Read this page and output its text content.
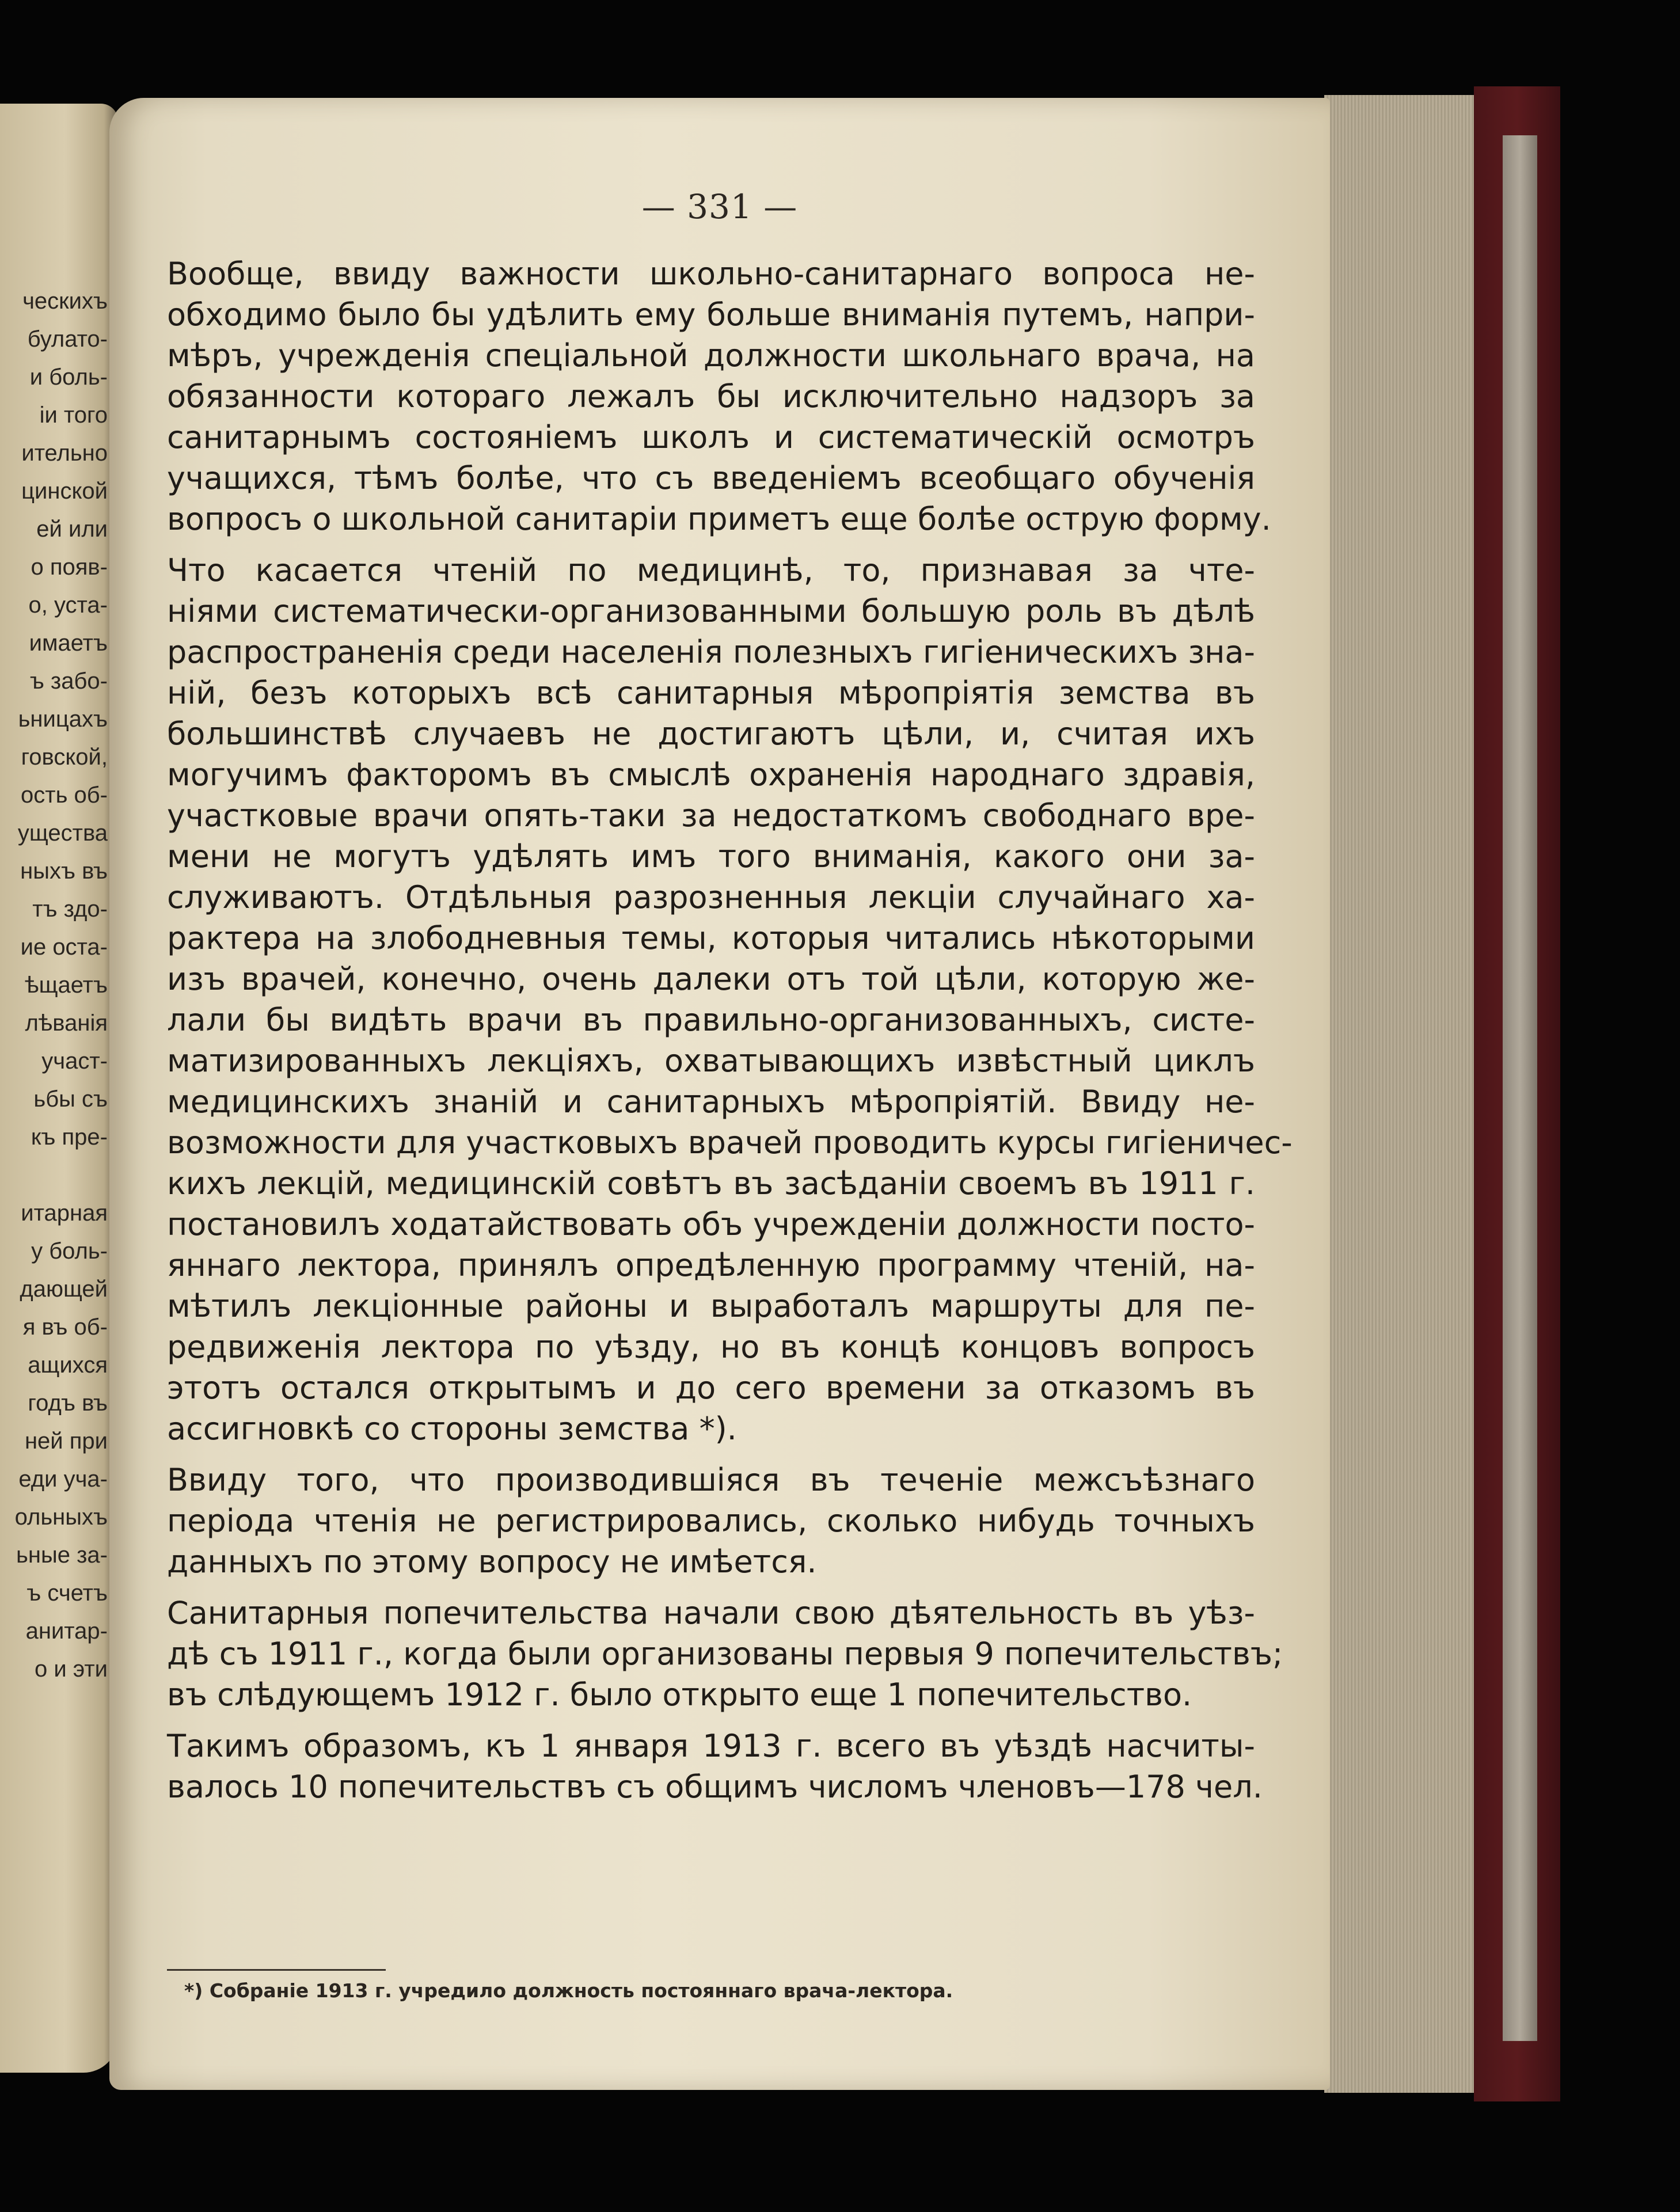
ческихъ
булато-
и боль-
іи того
ительно
цинской
ей или
о появ-
о, уста-
имаетъ
ъ забо-
ьницахъ
говской,
ость об-
ущества
ныхъ въ
тъ здо-
ие оста-
ѣщаетъ
лѣванія
участ-
ьбы съ
къ пре-
итарная
у боль-
дающей
я въ об-
ащихся
годъ въ
ней при
еди уча-
ольныхъ
ьные за-
ъ счетъ
анитар-
о и эти
— 331 —
Вообще, ввиду важности школьно-санитарнаго вопроса не-
обходимо было бы удѣлить ему больше вниманія путемъ, напри-
мѣръ, учрежденія спеціальной должности школьнаго врача, на
обязанности котораго лежалъ бы исключительно надзоръ за
санитарнымъ состояніемъ школъ и систематическій осмотръ
учащихся, тѣмъ болѣе, что съ введеніемъ всеобщаго обученія
вопросъ о школьной санитаріи приметъ еще болѣе острую форму.
Что касается чтеній по медицинѣ, то, признавая за чте-
ніями систематически-организованными большую роль въ дѣлѣ
распространенія среди населенія полезныхъ гигіеническихъ зна-
ній, безъ которыхъ всѣ санитарныя мѣропріятія земства въ
большинствѣ случаевъ не достигаютъ цѣли, и, считая ихъ
могучимъ факторомъ въ смыслѣ охраненія народнаго здравія,
участковые врачи опять-таки за недостаткомъ свободнаго вре-
мени не могутъ удѣлять имъ того вниманія, какого они за-
служиваютъ. Отдѣльныя разрозненныя лекціи случайнаго ха-
рактера на злободневныя темы, которыя читались нѣкоторыми
изъ врачей, конечно, очень далеки отъ той цѣли, которую же-
лали бы видѣть врачи въ правильно-организованныхъ, систе-
матизированныхъ лекціяхъ, охватывающихъ извѣстный циклъ
медицинскихъ знаній и санитарныхъ мѣропріятій. Ввиду не-
возможности для участковыхъ врачей проводить курсы гигіеничес-
кихъ лекцій, медицинскій совѣтъ въ засѣданіи своемъ въ 1911 г.
постановилъ ходатайствовать объ учрежденіи должности посто-
яннаго лектора, принялъ опредѣленную программу чтеній, на-
мѣтилъ лекціонные районы и выработалъ маршруты для пе-
редвиженія лектора по уѣзду, но въ концѣ концовъ вопросъ
этотъ остался открытымъ и до сего времени за отказомъ въ
ассигновкѣ со стороны земства *).
Ввиду того, что производившіяся въ теченіе межсъѣзнаго
періода чтенія не регистрировались, сколько нибудь точныхъ
данныхъ по этому вопросу не имѣется.
Санитарныя попечительства начали свою дѣятельность въ уѣз-
дѣ съ 1911 г., когда были организованы первыя 9 попечительствъ;
въ слѣдующемъ 1912 г. было открыто еще 1 попечительство.
Такимъ образомъ, къ 1 января 1913 г. всего въ уѣздѣ насчиты-
валось 10 попечительствъ съ общимъ числомъ членовъ—178 чел.
*) Собраніе 1913 г. учредило должность постояннаго врача-лектора.
